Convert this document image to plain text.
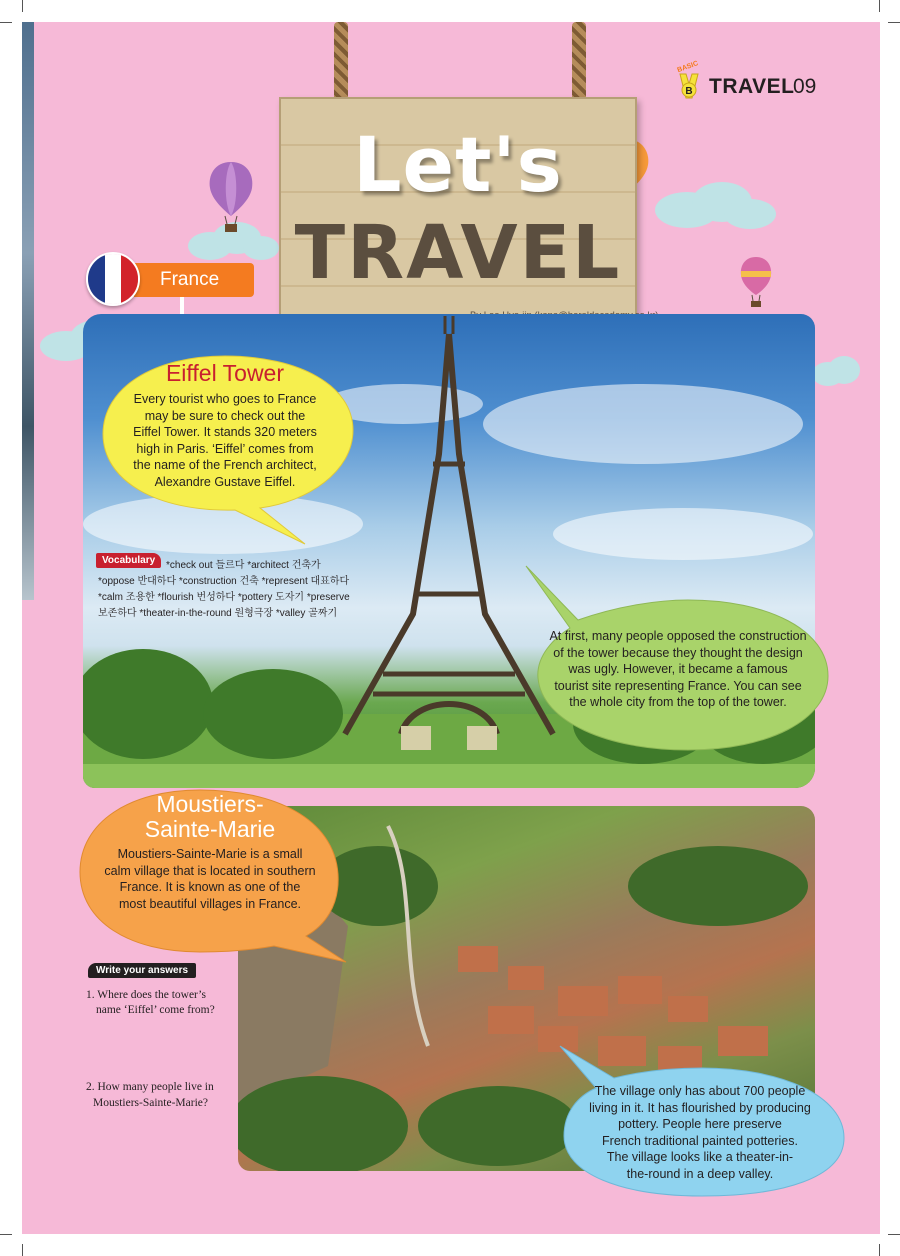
BASIC
B TRAVEL
09
Let's
TRAVEL
France
Eiffel Tower
Every tourist who goes to France
may be sure to check out the
Eiffel Tower. It stands 320 meters
high in Paris. ‘Eiffel’ comes from
the name of the French architect,
Alexandre Gustave Eiffel.
Vocabulary	*check out 들르다 *architect 건축가
*oppose 반대하다 *construction 건축 *represent 대표하다
*calm 조용한 *flourish 번성하다 *pottery 도자기 *preserve
보존하다 *theater-in-the-round 원형극장 *valley 골짜기
At first, many people opposed the construction
of the tower because they thought the design
was ugly. However, it became a famous
tourist site representing France. You can see
the whole city from the top of the tower.
Moustiers-
Sainte-Marie
Moustiers-Sainte-Marie is a small
calm village that is located in southern
France. It is known as one of the
most beautiful villages in France.
Write your answers
1. Where does the tower’s
name ‘Eiffel’ come from?
2. How many people live in
Moustiers-Sainte-Marie?
The village only has about 700 people
living in it. It has flourished by producing
pottery. People here preserve
French traditional painted potteries.
The village looks like a theater-in-
the-round in a deep valley.
